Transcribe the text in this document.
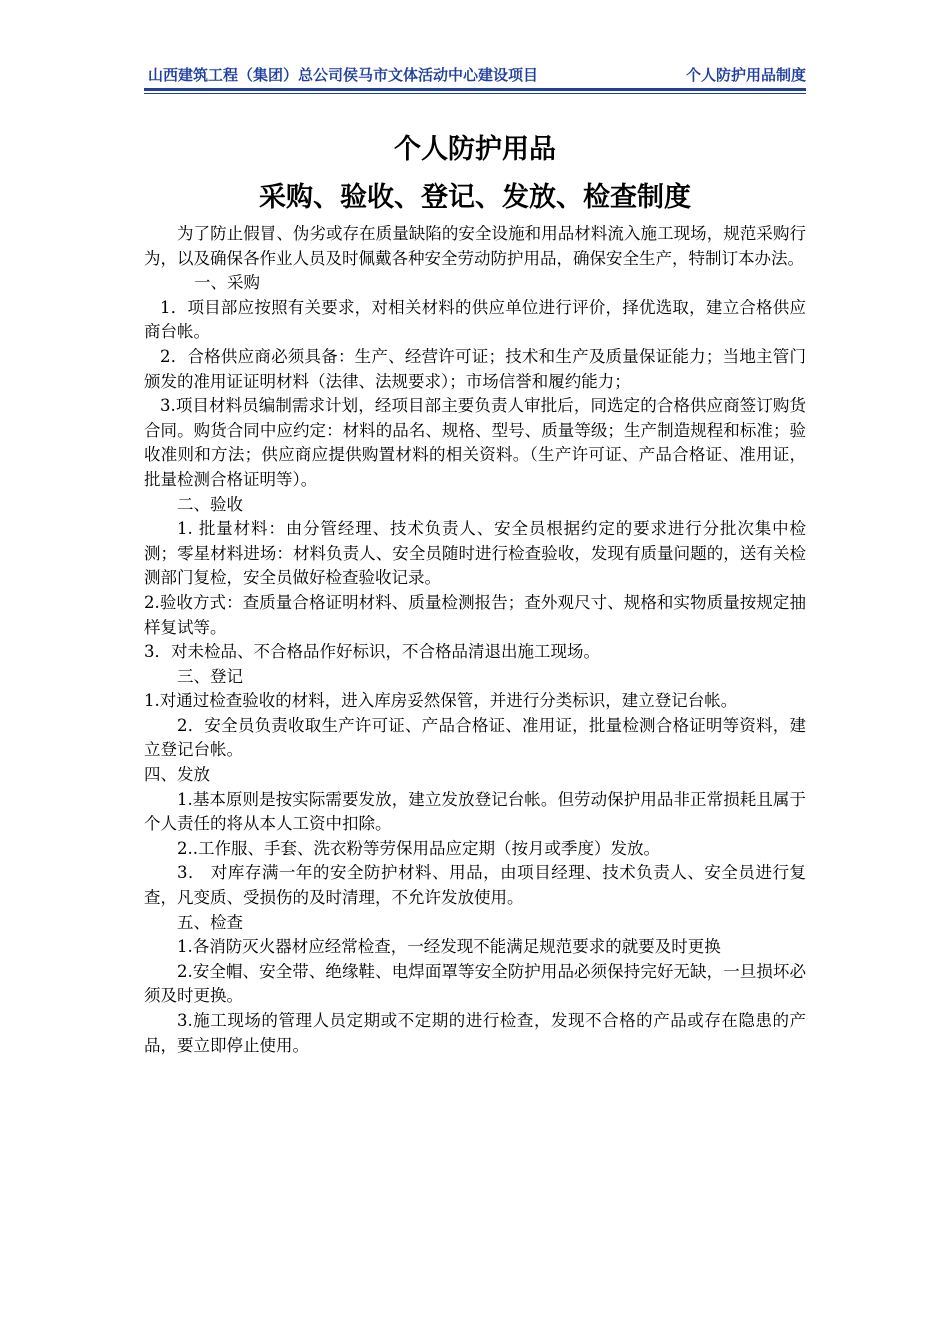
山西建筑工程（集团）总公司侯马市文体活动中心建设项目	个人防护用品制度
个人防护用品
采购、验收、登记、发放、检查制度

为了防止假冒、伪劣或存在质量缺陷的安全设施和用品材料流入施工现场，规范采购行为，以及确保各作业人员及时佩戴各种安全劳动防护用品，确保安全生产，特制订本办法。

一、采购

1．项目部应按照有关要求，对相关材料的供应单位进行评价，择优选取，建立合格供应商台帐。

2．合格供应商必须具备：生产、经营许可证；技术和生产及质量保证能力；当地主管门颁发的准用证证明材料（法律、法规要求）；市场信誉和履约能力；

3.项目材料员编制需求计划，经项目部主要负责人审批后，同选定的合格供应商签订购货合同。购货合同中应约定：材料的品名、规格、型号、质量等级；生产制造规程和标准；验收准则和方法；供应商应提供购置材料的相关资料。（生产许可证、产品合格证、准用证，批量检测合格证明等）。

二、验收

1. 批量材料：由分管经理、技术负责人、安全员根据约定的要求进行分批次集中检测；零星材料进场：材料负责人、安全员随时进行检查验收，发现有质量问题的，送有关检测部门复检，安全员做好检查验收记录。

2.验收方式：查质量合格证明材料、质量检测报告；查外观尺寸、规格和实物质量按规定抽样复试等。

3．对未检品、不合格品作好标识，不合格品清退出施工现场。

三、登记

1.对通过检查验收的材料，进入库房妥然保管，并进行分类标识，建立登记台帐。

2．安全员负责收取生产许可证、产品合格证、准用证，批量检测合格证明等资料，建立登记台帐。

四、发放

1.基本原则是按实际需要发放，建立发放登记台帐。但劳动保护用品非正常损耗且属于个人责任的将从本人工资中扣除。

2..工作服、手套、洗衣粉等劳保用品应定期（按月或季度）发放。

3． 对库存满一年的安全防护材料、用品，由项目经理、技术负责人、安全员进行复查，凡变质、受损伤的及时清理，不允许发放使用。

五、检查

1.各消防灭火器材应经常检查，一经发现不能满足规范要求的就要及时更换

2.安全帽、安全带、绝缘鞋、电焊面罩等安全防护用品必须保持完好无缺，一旦损坏必须及时更换。

3.施工现场的管理人员定期或不定期的进行检查，发现不合格的产品或存在隐患的产品，要立即停止使用。
